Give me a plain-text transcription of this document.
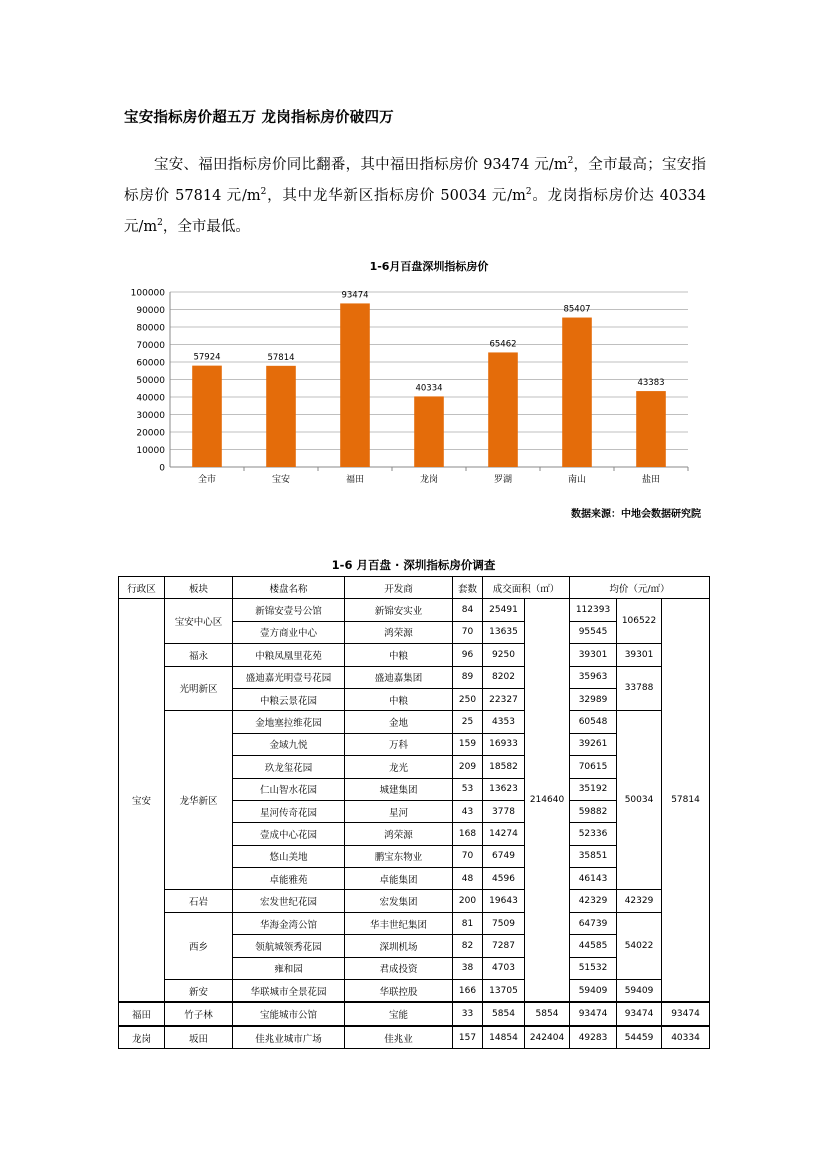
宝安指标房价超五万 龙岗指标房价破四万

宝安、福田指标房价同比翻番，其中福田指标房价 93474 元$/m^2$，全市最高；宝安指标房价 57814 元$/m^2$，其中龙华新区指标房价 50034 元$/m^2$。龙岗指标房价达 40334 元$/m^2$，全市最低。

1-6月百盘深圳指标房价
0
10000
20000
30000
40000
50000
60000
70000
80000
90000
100000
57924
全市
57814
宝安
93474
福田
40334
龙岗
65462
罗湖
85407
南山
43383
盐田
数据来源：中地会数据研究院
1-6 月百盘 · 深圳指标房价调查
行政区	板块	楼盘名称	开发商	套数	成交面积（㎡）		均价（元/㎡）		
宝安	宝安中心区	新锦安壹号公馆	新锦安实业	84	25491	214640	112393	106522	57814
		壹方商业中心	鸿荣源	70	13635		95545		
	福永	中粮凤凰里花苑	中粮	96	9250		39301	39301	
	光明新区	盛迪嘉光明壹号花园	盛迪嘉集团	89	8202		35963	33788	
		中粮云景花园	中粮	250	22327		32989		
	龙华新区	金地塞拉维花园	金地	25	4353		60548	50034	
		金域九悦	万科	159	16933		39261		
		玖龙玺花园	龙光	209	18582		70615		
		仁山智水花园	城建集团	53	13623		35192		
		星河传奇花园	星河	43	3778		59882		
		壹成中心花园	鸿荣源	168	14274		52336		
		悠山美地	鹏宝东物业	70	6749		35851		
		卓能雅苑	卓能集团	48	4596		46143		
	石岩	宏发世纪花园	宏发集团	200	19643		42329	42329	
	西乡	华海金湾公馆	华丰世纪集团	81	7509		64739	54022	
		领航城领秀花园	深圳机场	82	7287		44585		
		雍和园	君成投资	38	4703		51532		
	新安	华联城市全景花园	华联控股	166	13705		59409	59409	
福田	竹子林	宝能城市公馆	宝能	33	5854	5854	93474	93474	93474
龙岗	坂田	佳兆业城市广场	佳兆业	157	14854	242404	49283	54459	40334
